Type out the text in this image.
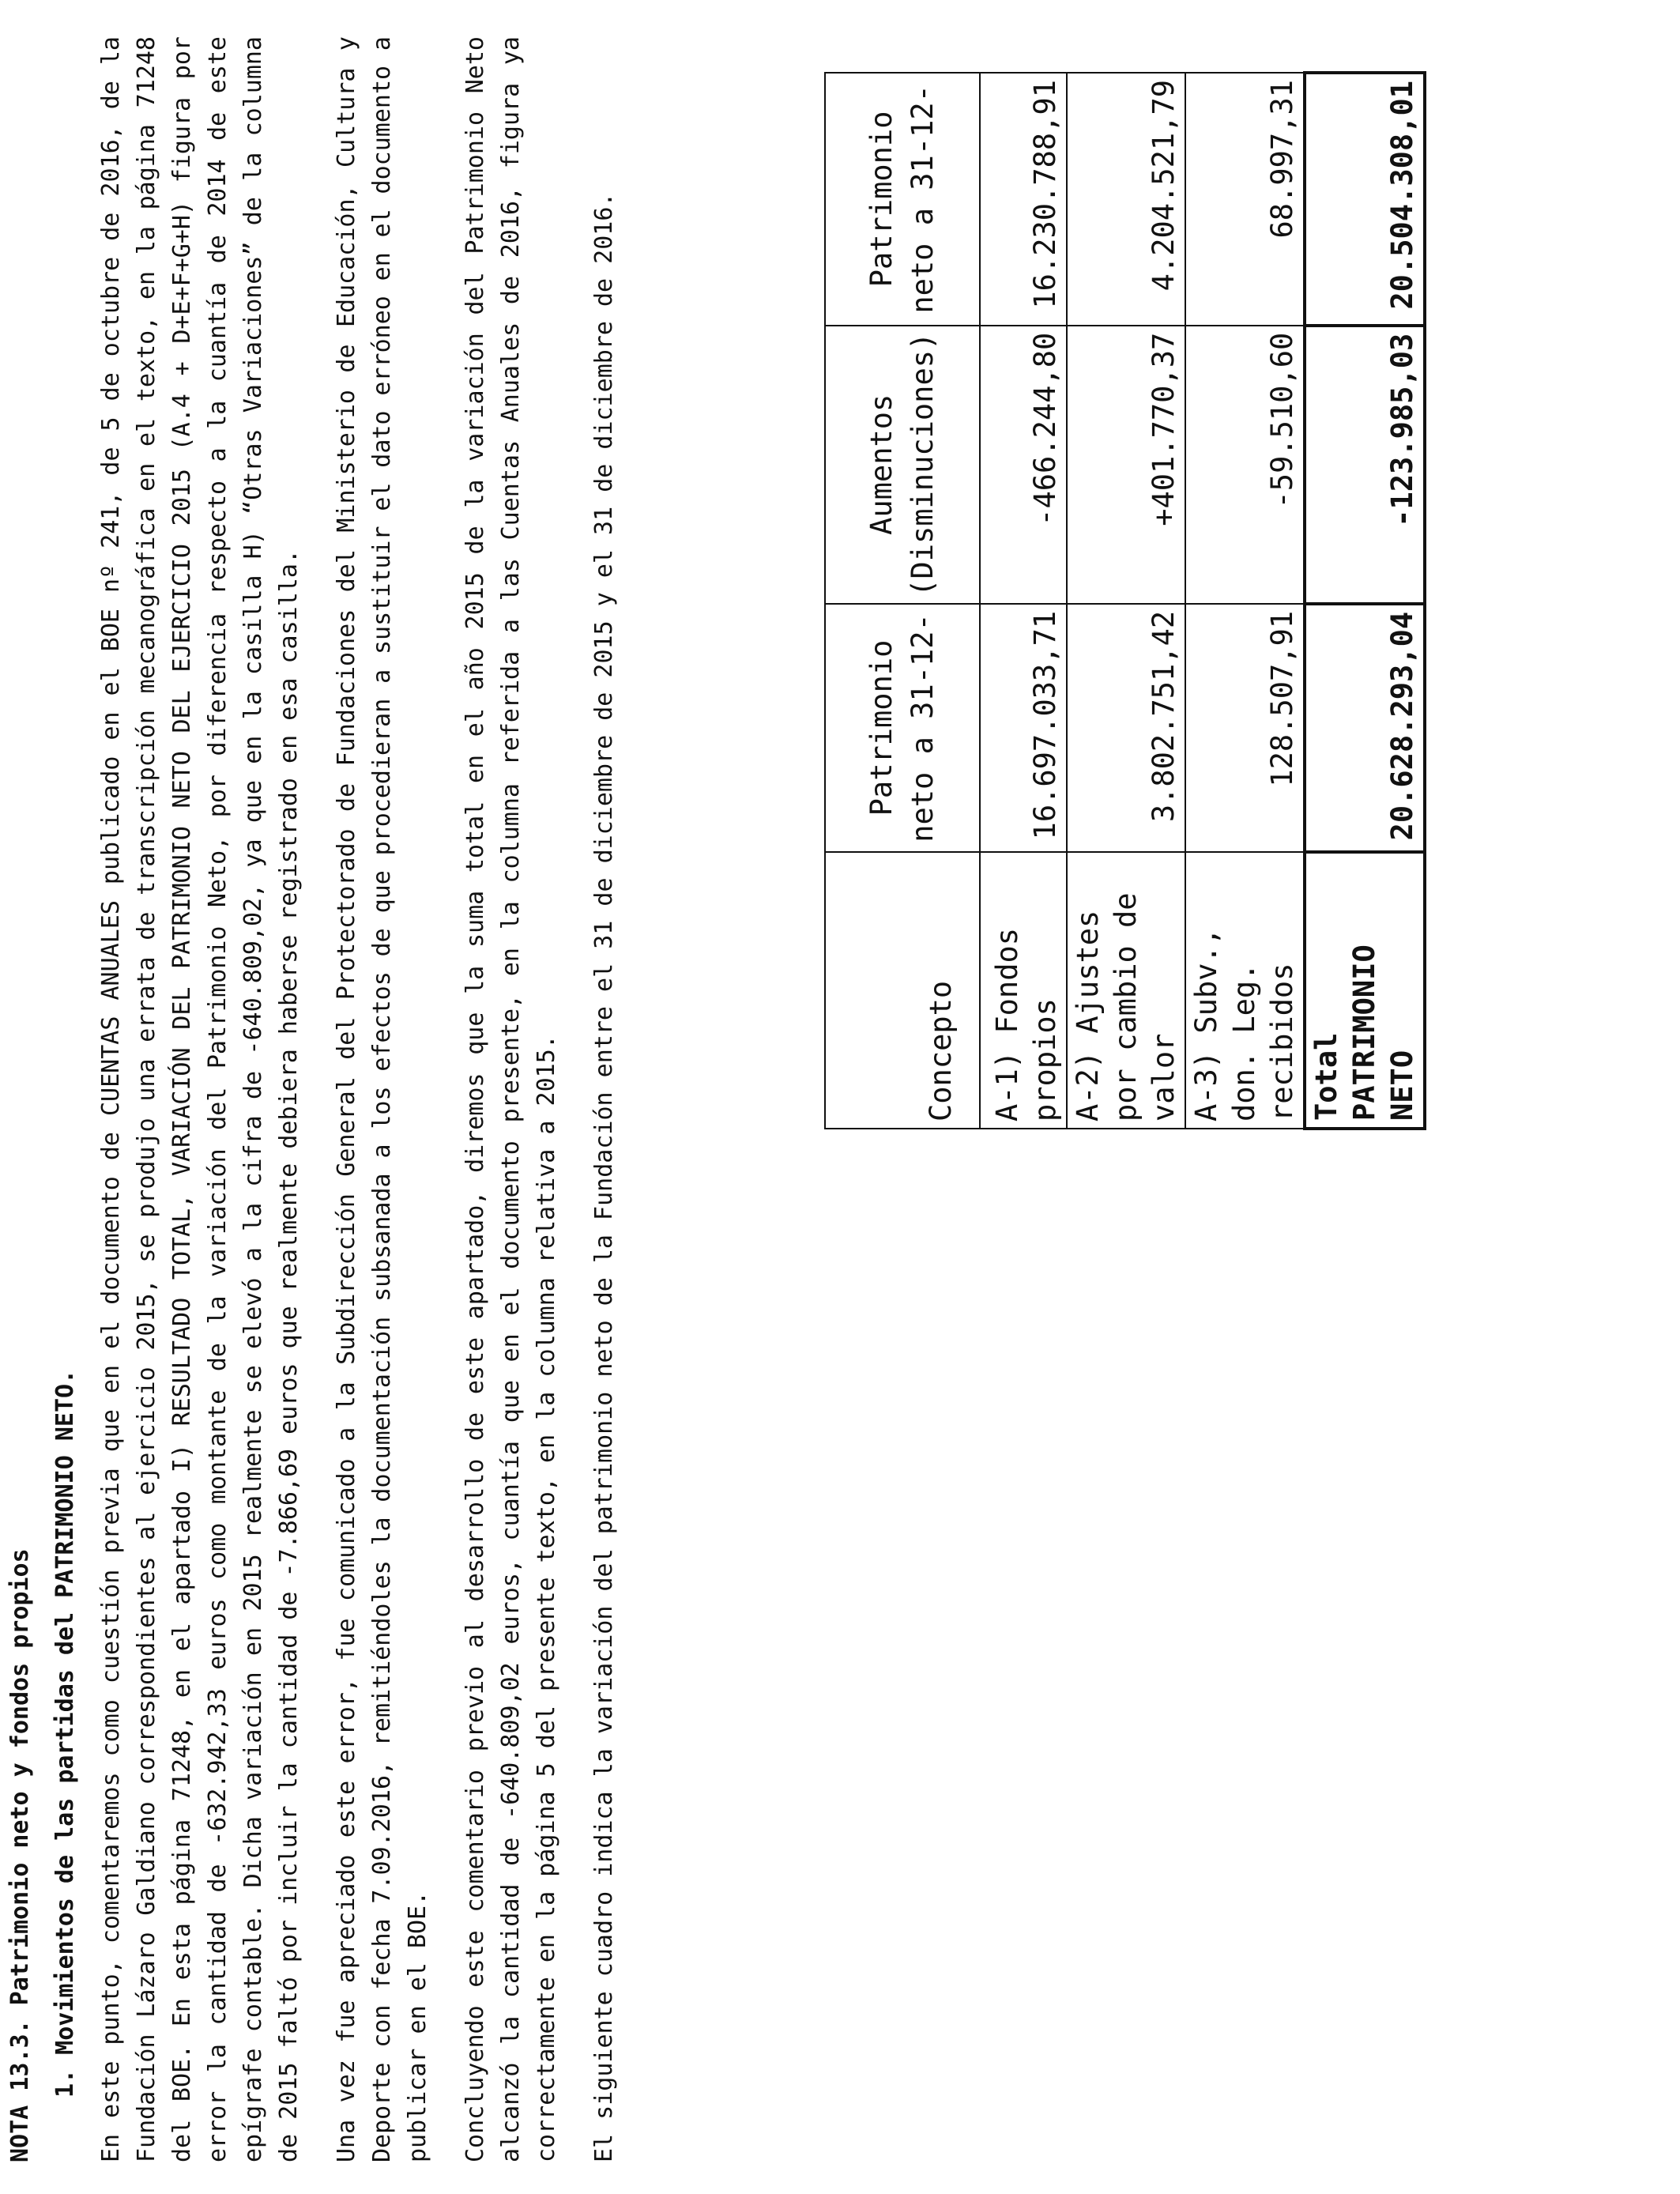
NOTA 13.3. Patrimonio neto y fondos propios 1. Movimientos de las partidas del PATRIMONIO NETO. En este punto, comentaremos como cuestión previa que en el documento de CUENTAS ANUALES publicado en el BOE nº 241, de 5 de octubre de 2016, de la Fundación Lázaro Galdiano correspondientes al ejercicio 2015, se produjo una errata de transcripción mecanográfica en el texto, en la página 71248 del BOE. En esta página 71248, en el apartado I) RESULTADO TOTAL, VARIACIÓN DEL PATRIMONIO NETO DEL EJERCICIO 2015 (A.4 + D+E+F+G+H) figura por error la cantidad de -632.942,33 euros como montante de la variación del Patrimonio Neto, por diferencia respecto a la cuantía de 2014 de este epígrafe contable. Dicha variación en 2015 realmente se elevó a la cifra de -640.809,02, ya que en la casilla H) “Otras Variaciones” de la columna de 2015 faltó por incluir la cantidad de -7.866,69 euros que realmente debiera haberse registrado en esa casilla. Una vez fue apreciado este error, fue comunicado a la Subdirección General del Protectorado de Fundaciones del Ministerio de Educación, Cultura y Deporte con fecha 7.09.2016, remitiéndoles la documentación subsanada a los efectos de que procedieran a sustituir el dato erróneo en el documento a publicar en el BOE. Concluyendo este comentario previo al desarrollo de este apartado, diremos que la suma total en el año 2015 de la variación del Patrimonio Neto alcanzó la cantidad de -640.809,02 euros, cuantía que en el documento presente, en la columna referida a las Cuentas Anuales de 2016, figura ya correctamente en la página 5 del presente texto, en la columna relativa a 2015. El siguiente cuadro indica la variación del patrimonio neto de la Fundación entre el 31 de diciembre de 2015 y el 31 de diciembre de 2016.	Concepto	Patrimonio neto a 31-12-	Aumentos (Disminuciones)	Patrimonio neto a 31-12-
A-1) Fondos propios	16.697.033,71	-466.244,80	16.230.788,91
A-2) Ajustes por cambio de valor	3.802.751,42	+401.770,37	4.204.521,79
A-3) Subv., don. Leg. recibidos	128.507,91	-59.510,60	68.997,31
Total PATRIMONIO NETO	20.628.293,04	-123.985,03	20.504.308,01
